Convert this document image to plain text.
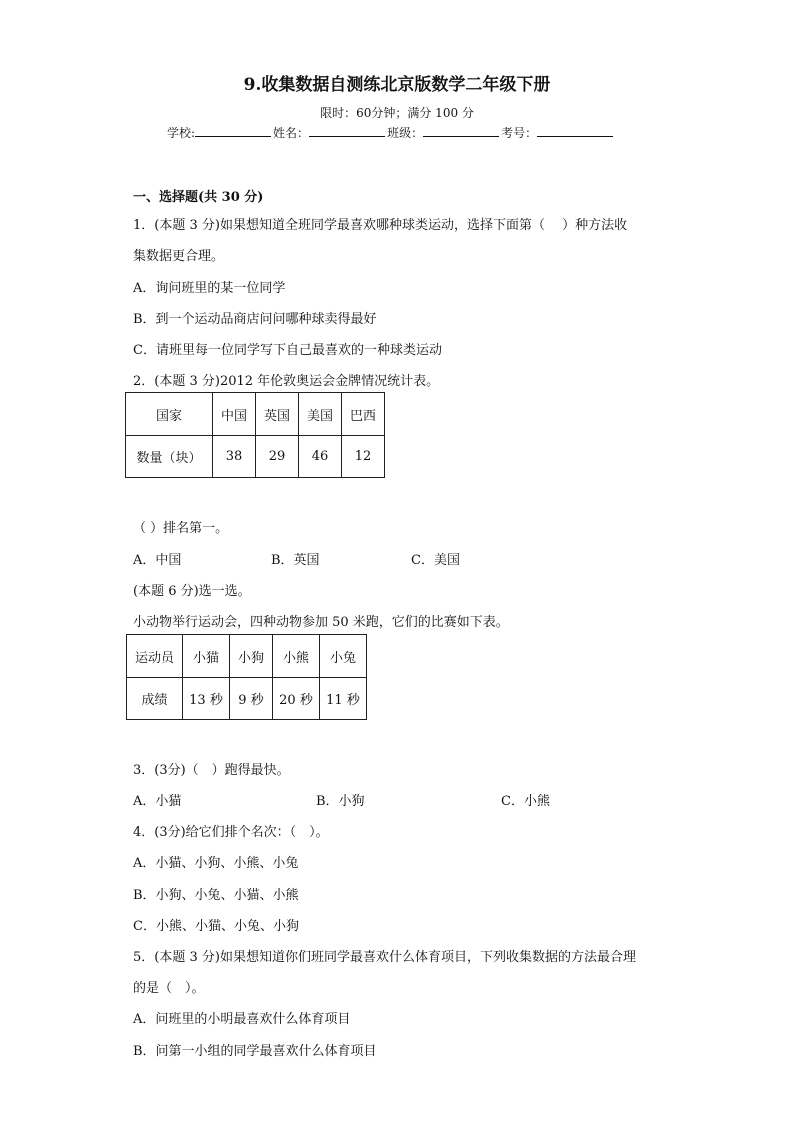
9.收集数据自测练北京版数学二年级下册
限时：60分钟；满分 100 分
学校:	姓名：	班级：	考号：
一、选择题(共 30 分)
1．(本题 3 分)如果想知道全班同学最喜欢哪种球类运动，选择下面第（　 ）种方法收
集数据更合理。
A．询问班里的某一位同学
B．到一个运动品商店问问哪种球卖得最好
C．请班里每一位同学写下自己最喜欢的一种球类运动
2．(本题 3 分)2012 年伦敦奥运会金牌情况统计表。
国家	中国	英国	美国	巴西
数量（块）	38	29	46	12
（ ）排名第一。
A．中国	B．英国	C．美国
(本题 6 分)选一选。
小动物举行运动会，四种动物参加 50 米跑，它们的比赛如下表。
运动员	小猫	小狗	小熊	小兔
成绩	13 秒	9 秒	20 秒	11 秒
3．(3分)（　）跑得最快。
A．小猫	B．小狗	C．小熊
4．(3分)给它们排个名次：（　）。
A．小猫、小狗、小熊、小兔
B．小狗、小兔、小猫、小熊
C．小熊、小猫、小兔、小狗
5．(本题 3 分)如果想知道你们班同学最喜欢什么体育项目，下列收集数据的方法最合理
的是（　）。
A．问班里的小明最喜欢什么体育项目
B．问第一小组的同学最喜欢什么体育项目
